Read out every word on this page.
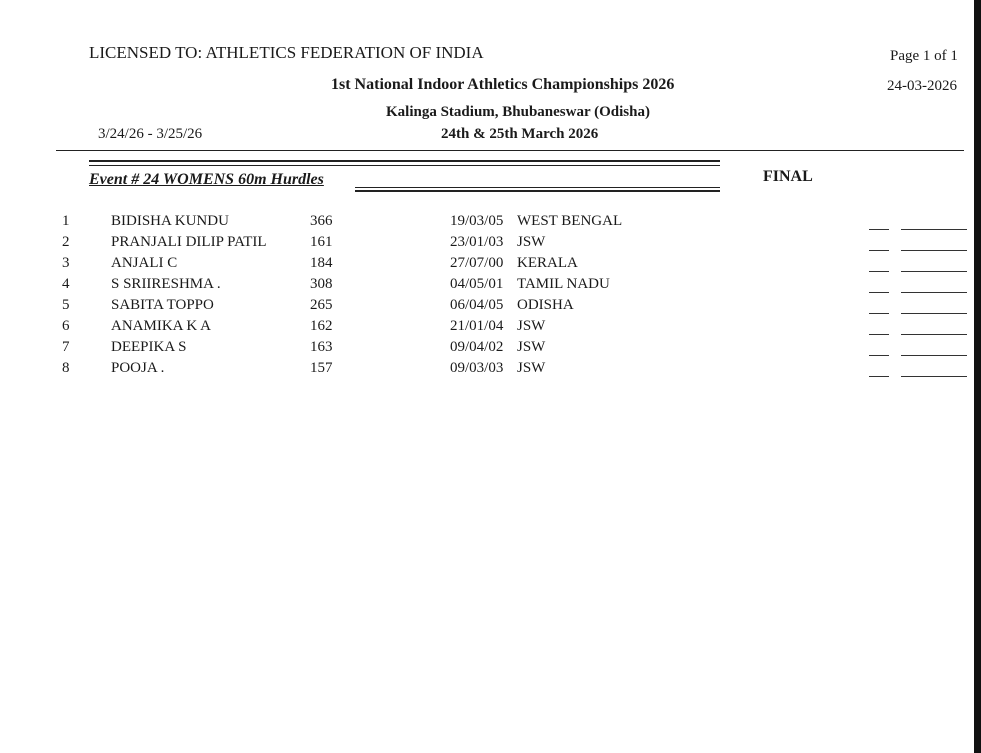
LICENSED TO: ATHLETICS FEDERATION OF INDIA	Page 1 of 1
1st National Indoor Athletics Championships 2026	24-03-2026
Kalinga Stadium, Bhubaneswar (Odisha)
3/24/26 - 3/25/26	24th & 25th March 2026
Event # 24 WOMENS 60m Hurdles	FINAL
1	BIDISHA KUNDU	366	19/03/05 WEST BENGAL
2	PRANJALI DILIP PATIL	161	23/01/03 JSW
3	ANJALI C	184	27/07/00 KERALA
4	S SRIIRESHMA .	308	04/05/01 TAMIL NADU
5	SABITA TOPPO	265	06/04/05 ODISHA
6	ANAMIKA K A	162	21/01/04 JSW
7	DEEPIKA S	163	09/04/02 JSW
8	POOJA .	157	09/03/03 JSW
